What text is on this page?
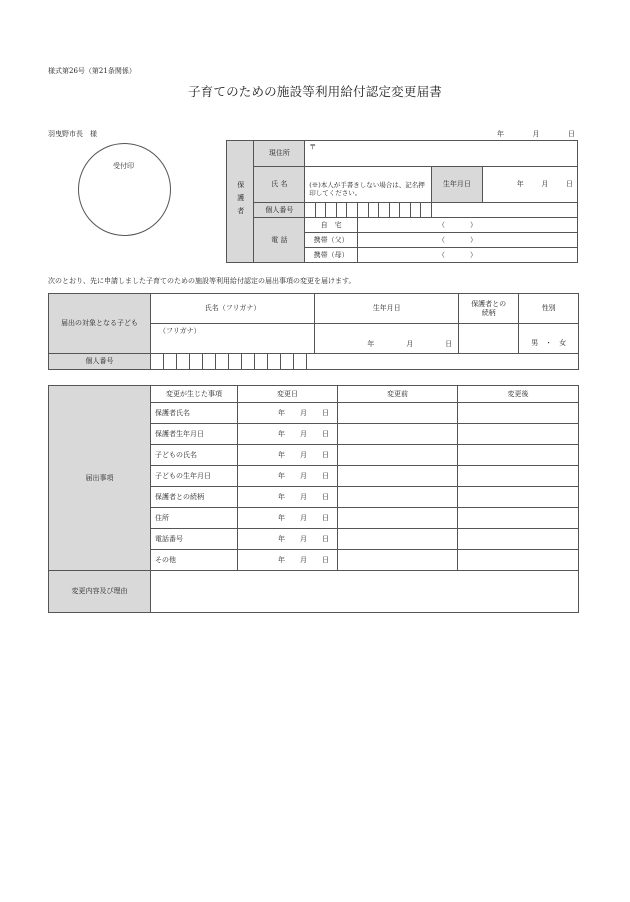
様式第26号（第21条関係）
子育てのための施設等利用給付認定変更届書
羽曳野市長　様	年	月	日
受付印
保護者	現住所	〒													
	氏 名	(※)本人が手書きしない場合は、記名押印してください。												生年月日	年 月 日

	個人番号														
	電 話	自　宅					（ ）								

		携帯（父）					（ ）								

		携帯（母）					（ ）								
次のとおり、先に申請しました子育てのための施設等利用給付認定の届出事項の変更を届けます。
届出の対象となる子ども	氏名（フリガナ）													生年月日	保護者との続柄	性別
	（フリガナ）													年 月 日		男　・　女
個人番号																
届出事項	変更が生じた事項	変更日	変更前	変更後
	保護者氏名	年 月 日		

	保護者生年月日	年 月 日		

	子どもの氏名	年 月 日		

	子どもの生年月日	年 月 日		

	保護者との続柄	年 月 日		

	住所	年 月 日		

	電話番号	年 月 日		

	その他	年 月 日		

変更内容及び理由				
